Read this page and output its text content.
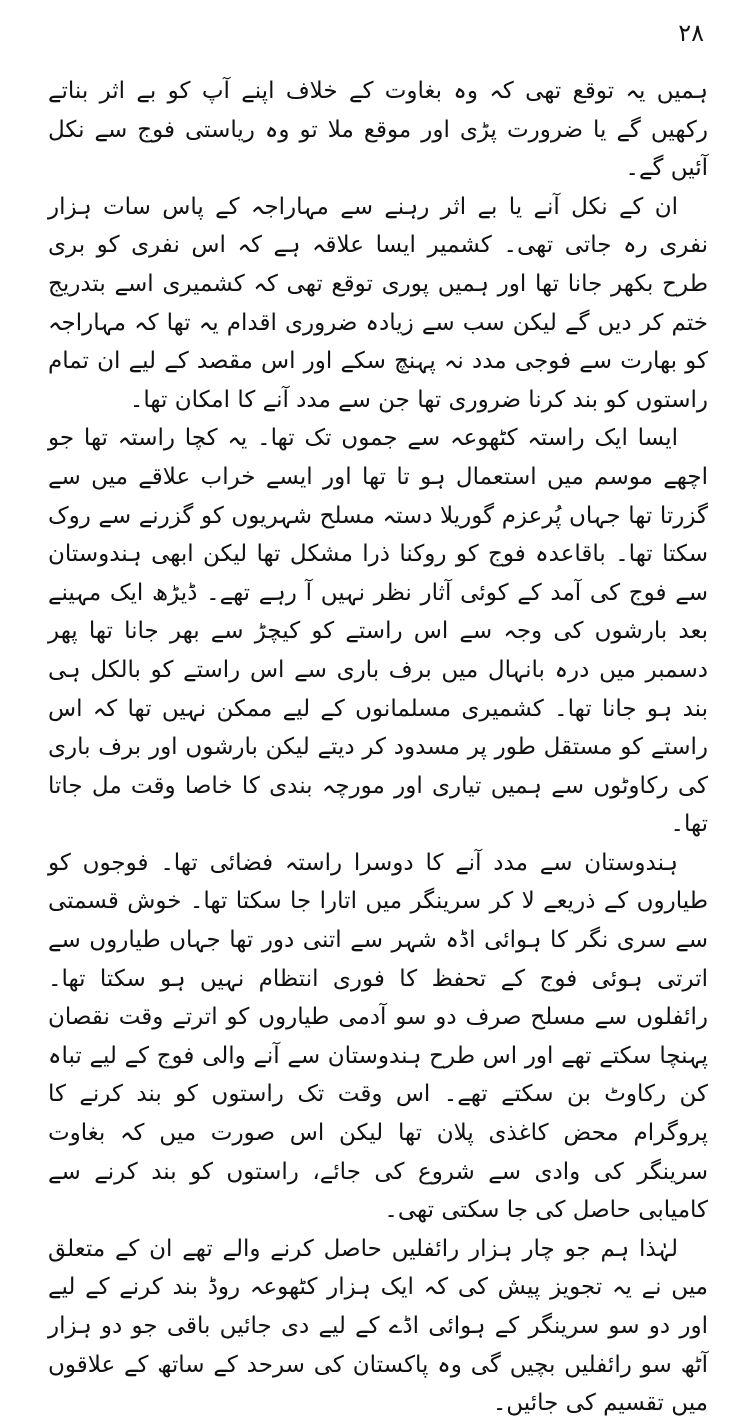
۲۸

ہمیں یہ توقع تھی کہ وہ بغاوت کے خلاف اپنے آپ کو بے اثر بناتے رکھیں گے یا ضرورت پڑی اور موقع ملا تو وہ ریاستی فوج سے نکل آئیں گے۔

ان کے نکل آنے یا بے اثر رہنے سے مہاراجہ کے پاس سات ہزار نفری رہ جاتی تھی۔ کشمیر ایسا علاقہ ہے کہ اس نفری کو بری طرح بکھر جانا تھا اور ہمیں پوری توقع تھی کہ کشمیری اسے بتدریج ختم کر دیں گے لیکن سب سے زیادہ ضروری اقدام یہ تھا کہ مہاراجہ کو بھارت سے فوجی مدد نہ پہنچ سکے اور اس مقصد کے لیے ان تمام راستوں کو بند کرنا ضروری تھا جن سے مدد آنے کا امکان تھا۔

ایسا ایک راستہ کٹھوعہ سے جموں تک تھا۔ یہ کچا راستہ تھا جو اچھے موسم میں استعمال ہو تا تھا اور ایسے خراب علاقے میں سے گزرتا تھا جہاں پُرعزم گوریلا دستہ مسلح شہریوں کو گزرنے سے روک سکتا تھا۔ باقاعدہ فوج کو روکنا ذرا مشکل تھا لیکن ابھی ہندوستان سے فوج کی آمد کے کوئی آثار نظر نہیں آ رہے تھے۔ ڈیڑھ ایک مہینے بعد بارشوں کی وجہ سے اس راستے کو کیچڑ سے بھر جانا تھا پھر دسمبر میں درہ بانہال میں برف باری سے اس راستے کو بالکل ہی بند ہو جانا تھا۔ کشمیری مسلمانوں کے لیے ممکن نہیں تھا کہ اس راستے کو مستقل طور پر مسدود کر دیتے لیکن بارشوں اور برف باری کی رکاوٹوں سے ہمیں تیاری اور مورچہ بندی کا خاصا وقت مل جاتا تھا۔

ہندوستان سے مدد آنے کا دوسرا راستہ فضائی تھا۔ فوجوں کو طیاروں کے ذریعے لا کر سرینگر میں اتارا جا سکتا تھا۔ خوش قسمتی سے سری نگر کا ہوائی اڈہ شہر سے اتنی دور تھا جہاں طیاروں سے اترتی ہوئی فوج کے تحفظ کا فوری انتظام نہیں ہو سکتا تھا۔ رائفلوں سے مسلح صرف دو سو آدمی طیاروں کو اترتے وقت نقصان پہنچا سکتے تھے اور اس طرح ہندوستان سے آنے والی فوج کے لیے تباہ کن رکاوٹ بن سکتے تھے۔ اس وقت تک راستوں کو بند کرنے کا پروگرام محض کاغذی پلان تھا لیکن اس صورت میں کہ بغاوت سرینگر کی وادی سے شروع کی جائے، راستوں کو بند کرنے سے کامیابی حاصل کی جا سکتی تھی۔

لہٰذا ہم جو چار ہزار رائفلیں حاصل کرنے والے تھے ان کے متعلق میں نے یہ تجویز پیش کی کہ ایک ہزار کٹھوعہ روڈ بند کرنے کے لیے اور دو سو سرینگر کے ہوائی اڈے کے لیے دی جائیں باقی جو دو ہزار آٹھ سو رائفلیں بچیں گی وہ پاکستان کی سرحد کے ساتھ کے علاقوں میں تقسیم کی جائیں۔
